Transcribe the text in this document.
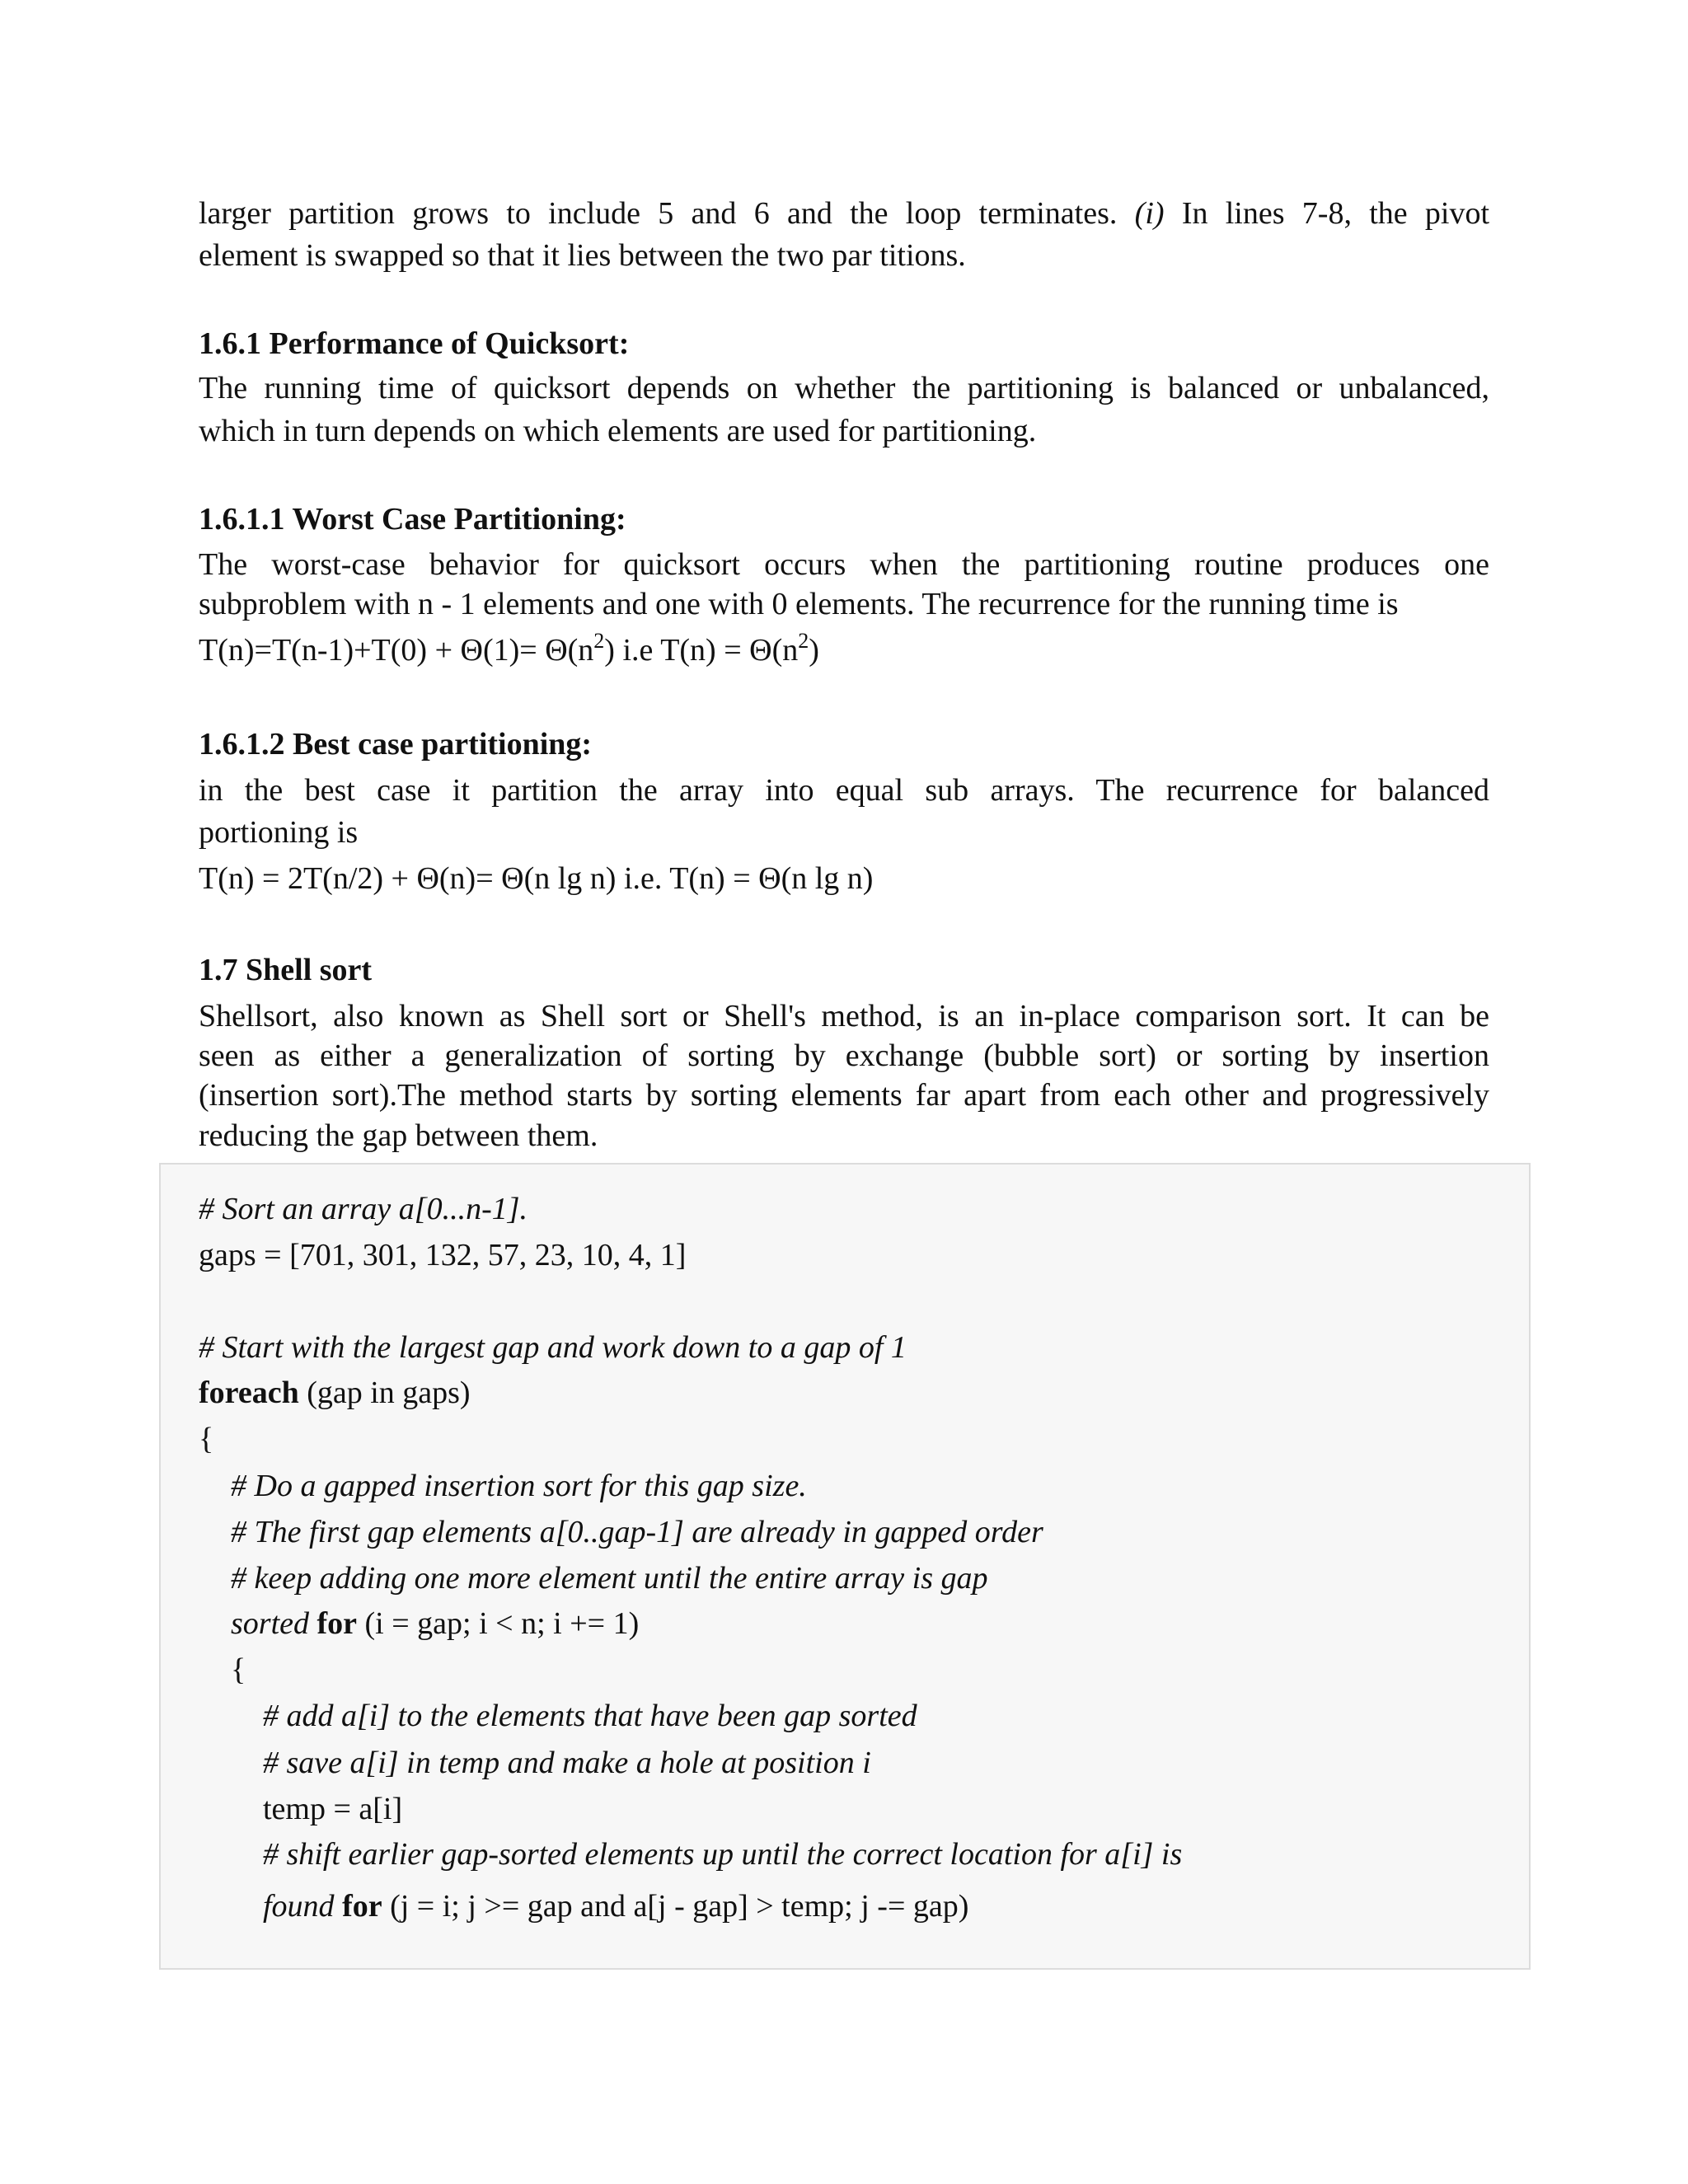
larger partition grows to include 5 and 6 and the loop terminates. (i) In lines 7-8, the pivot
element is swapped so that it lies between the two par titions.
1.6.1 Performance of Quicksort:
The running time of quicksort depends on whether the partitioning is balanced or unbalanced,
which in turn depends on which elements are used for partitioning.
1.6.1.1 Worst Case Partitioning:
The worst-case behavior for quicksort occurs when the partitioning routine produces one
subproblem with n - 1 elements and one with 0 elements. The recurrence for the running time is
$T(n)=T(n-1)+T(0) + \Theta(1)= \Theta(n^2)$ i.e $T(n) = \Theta(n^2)$
1.6.1.2 Best case partitioning:
in the best case it partition the array into equal sub arrays. The recurrence for balanced
portioning is
T(n) = 2T(n/2) + Θ(n)= Θ(n lg n) i.e. T(n) = Θ(n lg n)
1.7 Shell sort
Shellsort, also known as Shell sort or Shell's method, is an in-place comparison sort. It can be
seen as either a generalization of sorting by exchange (bubble sort) or sorting by insertion
(insertion sort).The method starts by sorting elements far apart from each other and progressively
reducing the gap between them.
# Sort an array a[0...n-1].
gaps = [701, 301, 132, 57, 23, 10, 4, 1]
# Start with the largest gap and work down to a gap of 1
foreach (gap in gaps)
{
# Do a gapped insertion sort for this gap size.
# The first gap elements a[0..gap-1] are already in gapped order
# keep adding one more element until the entire array is gap
sorted for (i = gap; i < n; i += 1)
{
# add a[i] to the elements that have been gap sorted
# save a[i] in temp and make a hole at position i
temp = a[i]
# shift earlier gap-sorted elements up until the correct location for a[i] is
found for (j = i; j >= gap and a[j - gap] > temp; j -= gap)
